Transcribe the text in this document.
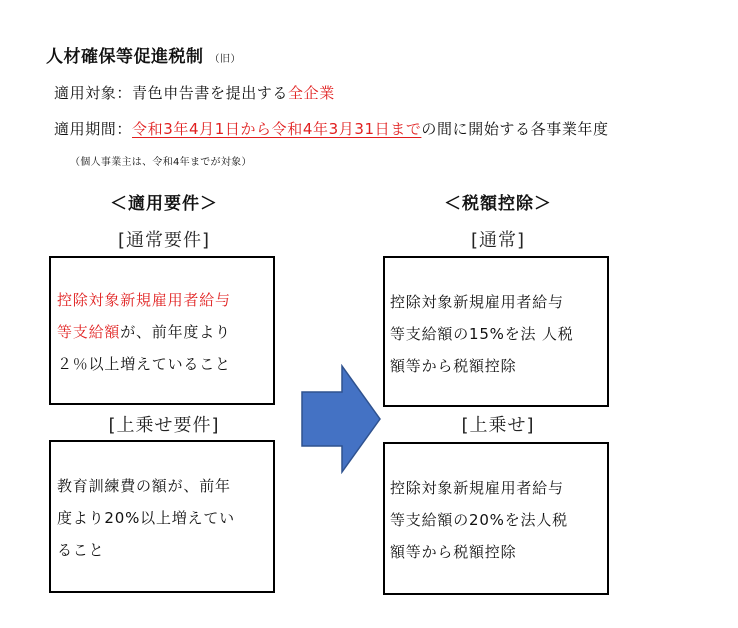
人材確保等促進税制 （旧）
適用対象：青色申告書を提出する全企業
適用期間：令和3年4月1日から令和4年3月31日までの間に開始する各事業年度
（個人事業主は、令和4年までが対象）
＜適用要件＞
[通常要件]
控除対象新規雇用者給与
等支給額が、前年度より
２％以上増えていること
[上乗せ要件]
教育訓練費の額が、前年
度より20%以上増えてい
ること
＜税額控除＞
[通常]
控除対象新規雇用者給与
等支給額の15%を法 人税
額等から税額控除
[上乗せ]
控除対象新規雇用者給与
等支給額の20%を法人税
額等から税額控除
